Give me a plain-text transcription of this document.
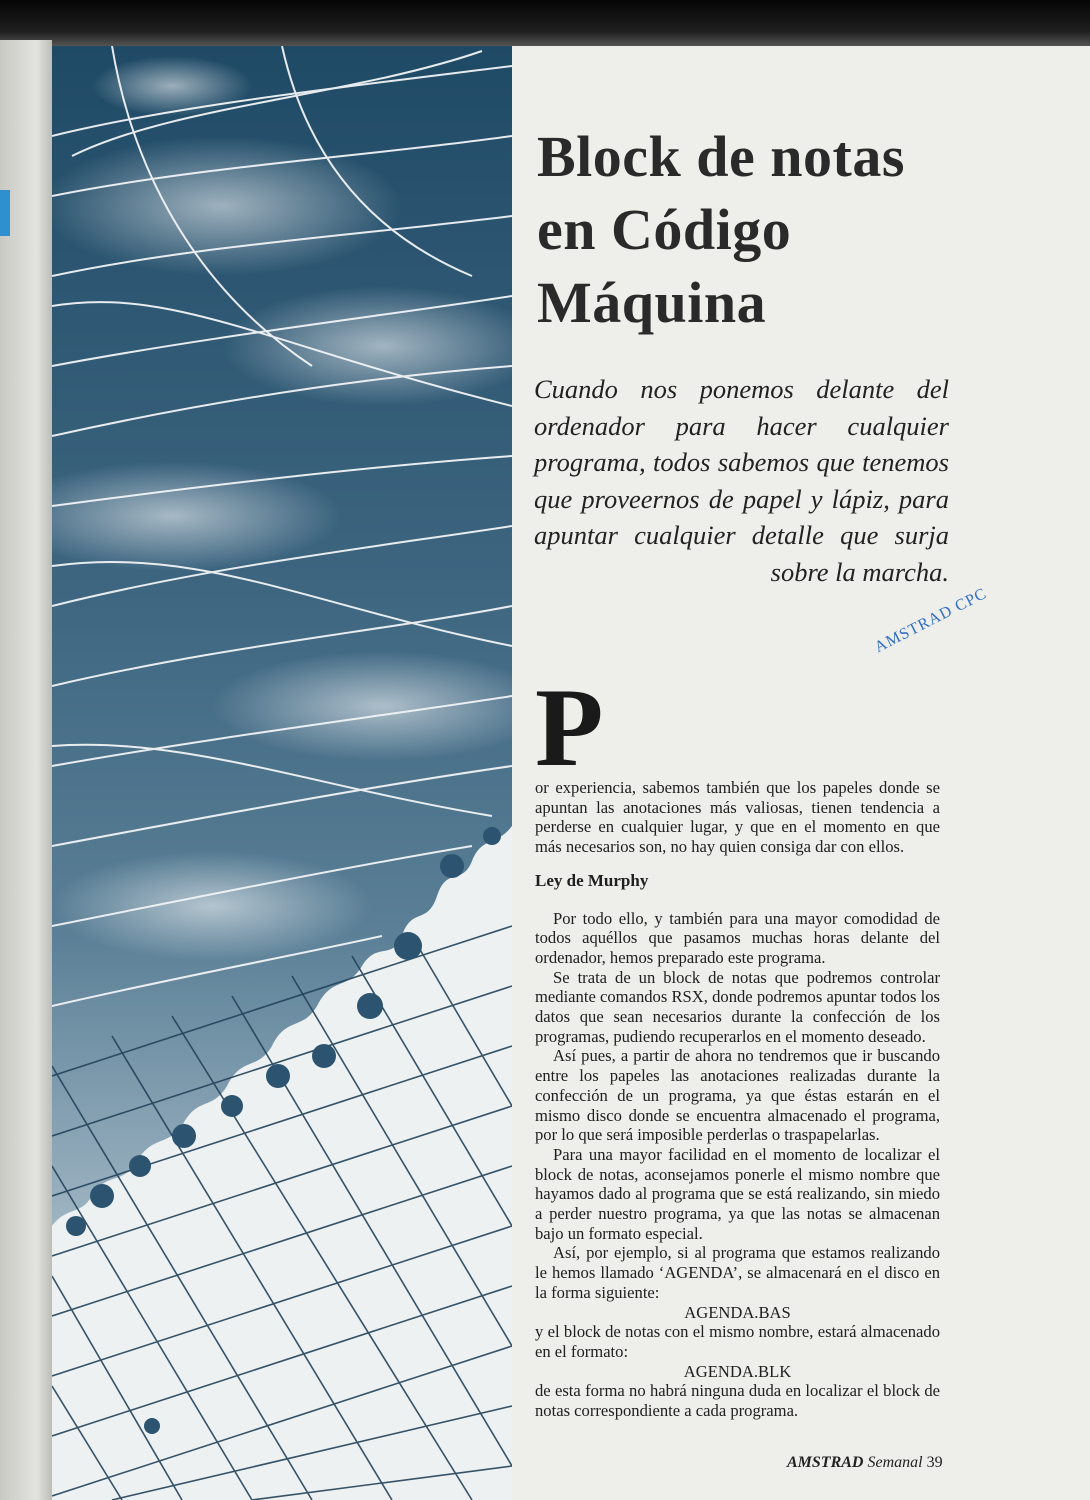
Block de notas
en Código
Máquina

Cuando nos ponemos delante del ordenador para hacer cualquier programa, todos sabemos que tenemos que proveernos de papel y lápiz, para apuntar cualquier detalle que surja sobre la marcha.

AMSTRAD CPC
P

or experiencia, sabemos también que los papeles donde se apuntan las anotaciones más valiosas, tienen tendencia a perderse en cualquier lugar, y que en el momento en que más necesarios son, no hay quien consiga dar con ellos.

Ley de Murphy

Por todo ello, y también para una mayor comodidad de todos aquéllos que pasamos muchas horas delante del ordenador, hemos preparado este programa.

Se trata de un block de notas que podremos controlar mediante comandos RSX, donde podremos apuntar todos los datos que sean necesarios durante la confección de los programas, pudiendo recuperarlos en el momento deseado.

Así pues, a partir de ahora no tendremos que ir buscando entre los papeles las anotaciones realizadas durante la confección de un programa, ya que éstas estarán en el mismo disco donde se encuentra almacenado el programa, por lo que será imposible perderlas o traspapelarlas.

Para una mayor facilidad en el momento de localizar el block de notas, aconsejamos ponerle el mismo nombre que hayamos dado al programa que se está realizando, sin miedo a perder nuestro programa, ya que las notas se almacenan bajo un formato especial.

Así, por ejemplo, si al programa que estamos realizando le hemos llamado ‘AGENDA’, se almacenará en el disco en la forma siguiente:

AGENDA.BAS

y el block de notas con el mismo nombre, estará almacenado en el formato:

AGENDA.BLK

de esta forma no habrá ninguna duda en localizar el block de notas correspondiente a cada programa.

AMSTRAD Semanal 39
